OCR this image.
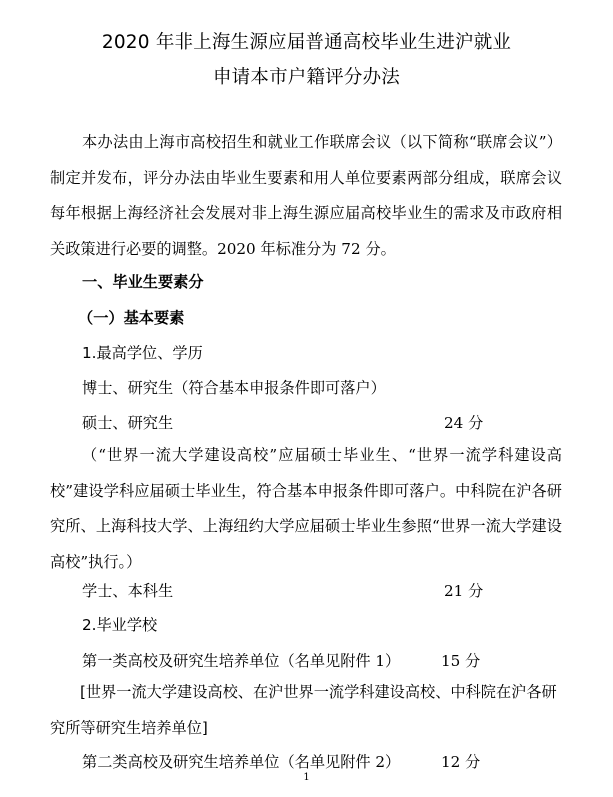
2020 年非上海生源应届普通高校毕业生进沪就业
申请本市户籍评分办法

本办法由上海市高校招生和就业工作联席会议（以下简称“联席会议”）制定并发布，评分办法由毕业生要素和用人单位要素两部分组成，联席会议每年根据上海经济社会发展对非上海生源应届高校毕业生的需求及市政府相关政策进行必要的调整。2020 年标准分为 72 分。

一、毕业生要素分
（一）基本要素
1.最高学位、学历
博士、研究生（符合基本申报条件即可落户）
硕士、研究生	24 分

（“世界一流大学建设高校”应届硕士毕业生、“世界一流学科建设高校”建设学科应届硕士毕业生，符合基本申报条件即可落户。中科院在沪各研究所、上海科技大学、上海纽约大学应届硕士毕业生参照“世界一流大学建设高校”执行。）

学士、本科生	21 分
2.毕业学校
第一类高校及研究生培养单位（名单见附件 1）	15 分

[世界一流大学建设高校、在沪世界一流学科建设高校、中科院在沪各研究所等研究生培养单位]

第二类高校及研究生培养单位（名单见附件 2）	12 分
1
